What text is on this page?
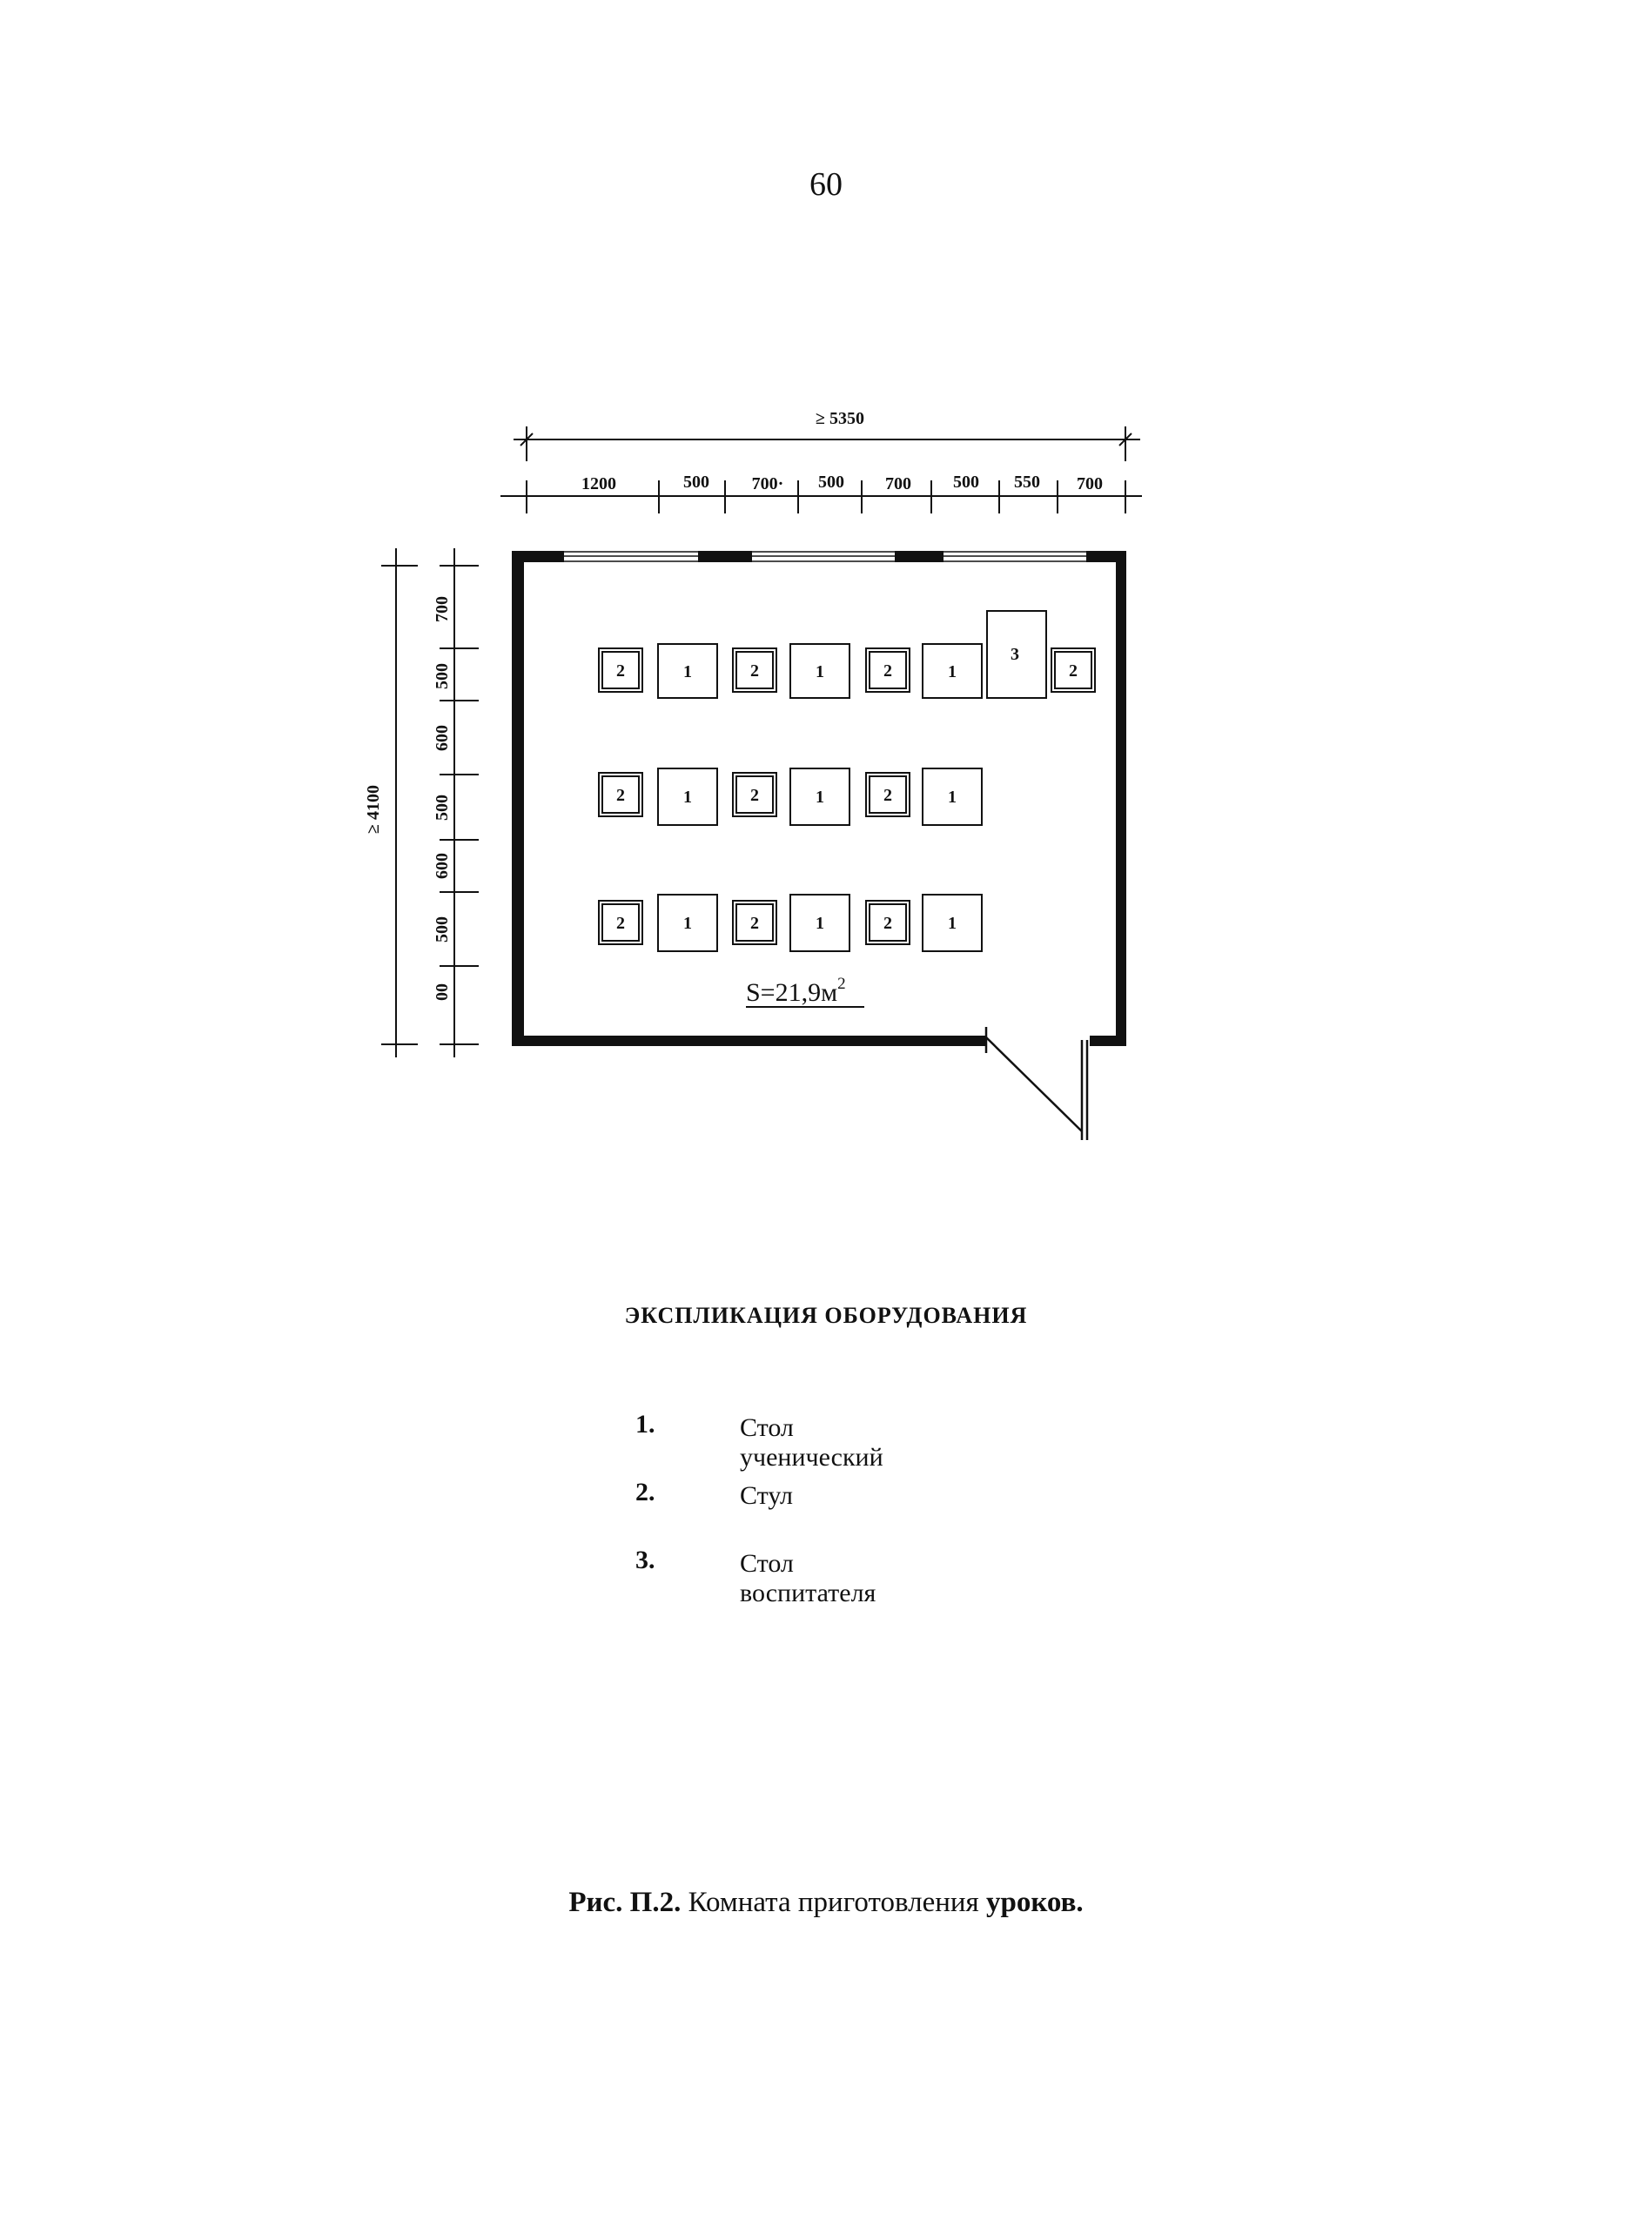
60
≥ 5350
1200	500 700· 500 700 500 550 700
≥ 4100
700
500
600
500
600
500
00
2	1	2	1	2	1
3
2
2	1	2	1	2	1
2	1	2	1	2	1
$S=21,9м^2$
ЭКСПЛИКАЦИЯ ОБОРУДОВАНИЯ
1.	Стол ученический
2.	Стул
3.	Стол воспитателя
Рис. П.2. Комната приготовления уроков.
